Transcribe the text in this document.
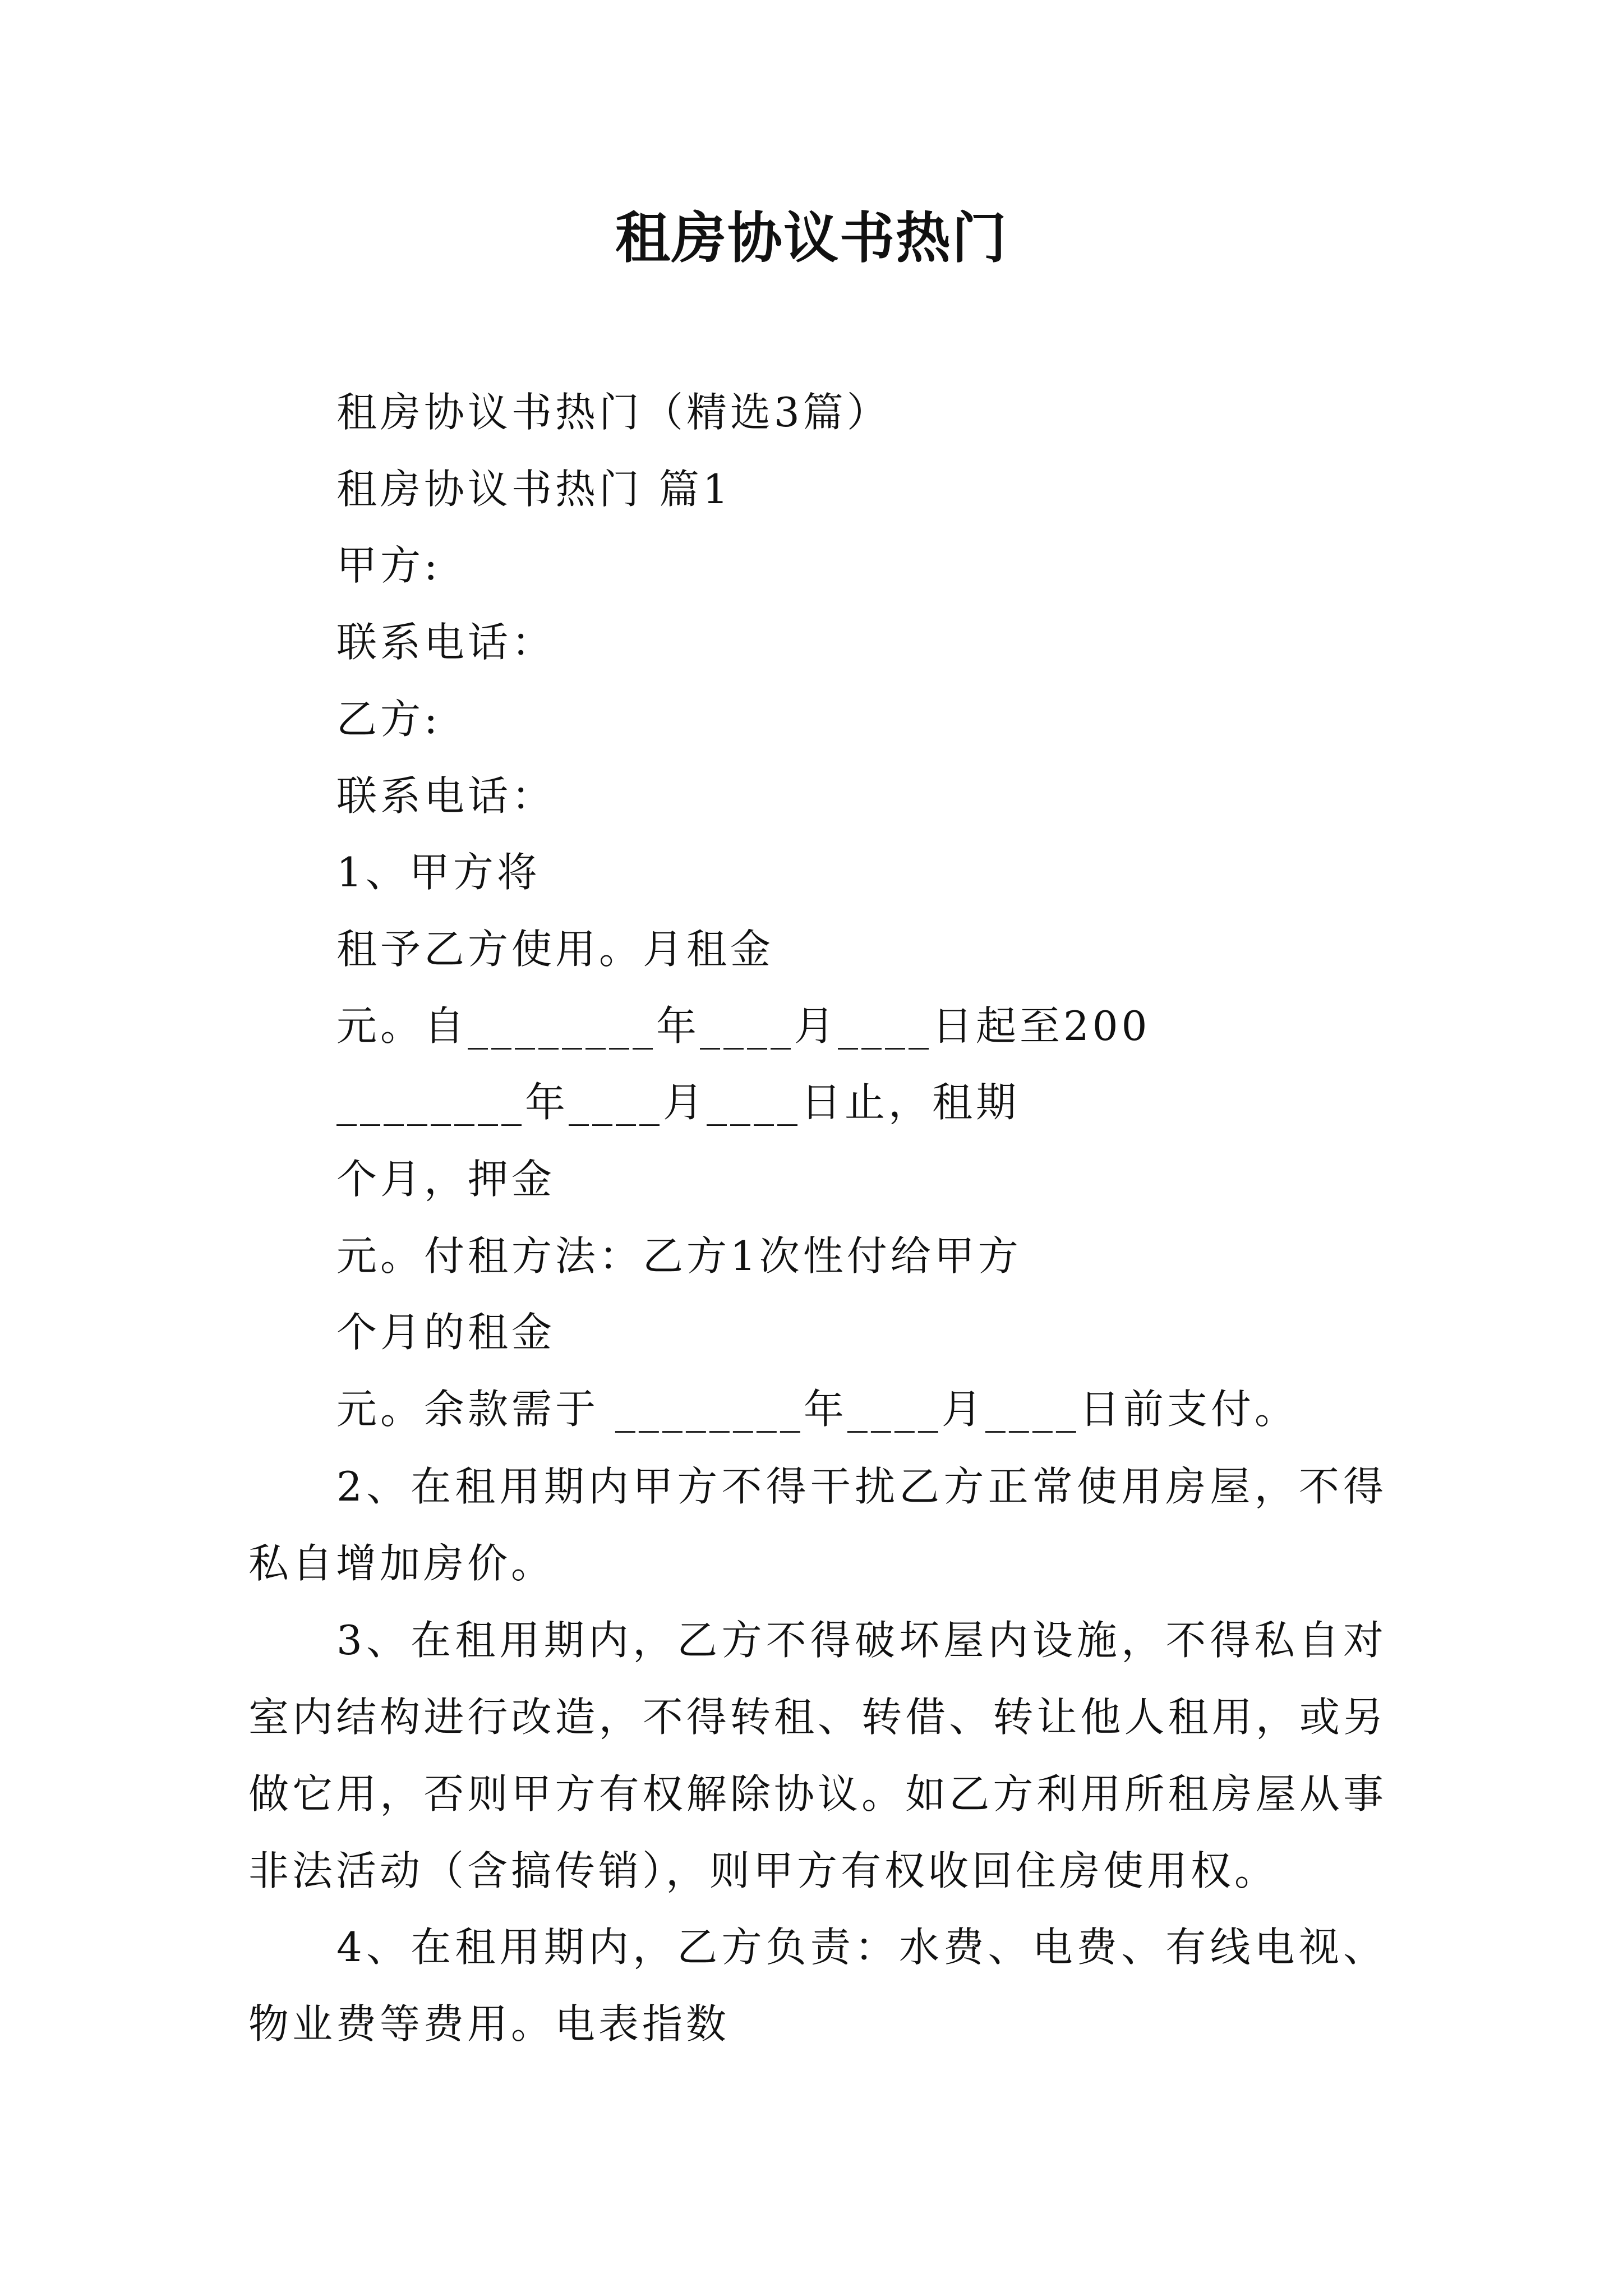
租房协议书热门
租房协议书热门（精选3篇）
租房协议书热门 篇1
甲方:
联系电话：
乙方:
联系电话：
1、甲方将
租予乙方使用。月租金
元。自________年____月____日起至200
________年____月____日止，租期
个月，押金
元。付租方法：乙方1次性付给甲方
个月的租金
元。余款需于 ________年____月____日前支付。
2、在租用期内甲方不得干扰乙方正常使用房屋，不得私自增加房价。
3、在租用期内，乙方不得破坏屋内设施，不得私自对室内结构进行改造，不得转租、转借、转让他人租用，或另做它用，否则甲方有权解除协议。如乙方利用所租房屋从事非法活动（含搞传销），则甲方有权收回住房使用权。
4、在租用期内，乙方负责：水费、电费、有线电视、物业费等费用。电表指数
